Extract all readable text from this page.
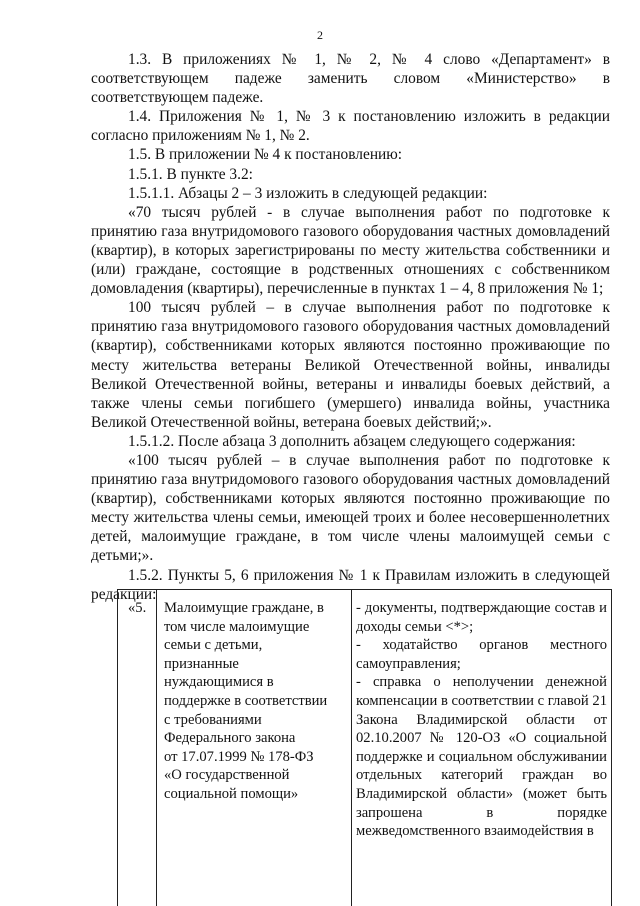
2

1.3. В приложениях № 1, № 2, № 4 слово «Департамент» в соответствующем падеже заменить словом «Министерство» в соответствующем падеже.

1.4. Приложения № 1, № 3 к постановлению изложить в редакции согласно приложениям № 1, № 2.

1.5. В приложении № 4 к постановлению:

1.5.1. В пункте 3.2:

1.5.1.1. Абзацы 2 – 3 изложить в следующей редакции:

«70 тысяч рублей - в случае выполнения работ по подготовке к принятию газа внутридомового газового оборудования частных домовладений (квартир), в которых зарегистрированы по месту жительства собственники и (или) граждане, состоящие в родственных отношениях с собственником домовладения (квартиры), перечисленные в пунктах 1 – 4, 8 приложения № 1;

100 тысяч рублей – в случае выполнения работ по подготовке к принятию газа внутридомового газового оборудования частных домовладений (квартир), собственниками которых являются постоянно проживающие по месту жительства ветераны Великой Отечественной войны, инвалиды Великой Отечественной войны, ветераны и инвалиды боевых действий, а также члены семьи погибшего (умершего) инвалида войны, участника Великой Отечественной войны, ветерана боевых действий;».

1.5.1.2. После абзаца 3 дополнить абзацем следующего содержания:

«100 тысяч рублей – в случае выполнения работ по подготовке к принятию газа внутридомового газового оборудования частных домовладений (квартир), собственниками которых являются постоянно проживающие по месту жительства члены семьи, имеющей троих и более несовершеннолетних детей, малоимущие граждане, в том числе члены малоимущей семьи с детьми;».

1.5.2. Пункты 5, 6 приложения № 1 к Правилам изложить в следующей редакции:

«5. Малоимущие граждане, в
том числе малоимущие
семьи с детьми,
признанные
нуждающимися в
поддержке в соответствии
с требованиями
Федерального закона
от 17.07.1999 № 178-ФЗ
«О государственной
социальной помощи»
- документы, подтверждающие состав и доходы семьи <*>;
- ходатайство органов местного самоуправления;
- справка о неполучении денежной компенсации в соответствии с главой 21 Закона Владимирской области от 02.10.2007 № 120-ОЗ «О социальной поддержке и социальном обслуживании отдельных категорий граждан во Владимирской области» (может быть запрошена в порядке межведомственного взаимодействия в
